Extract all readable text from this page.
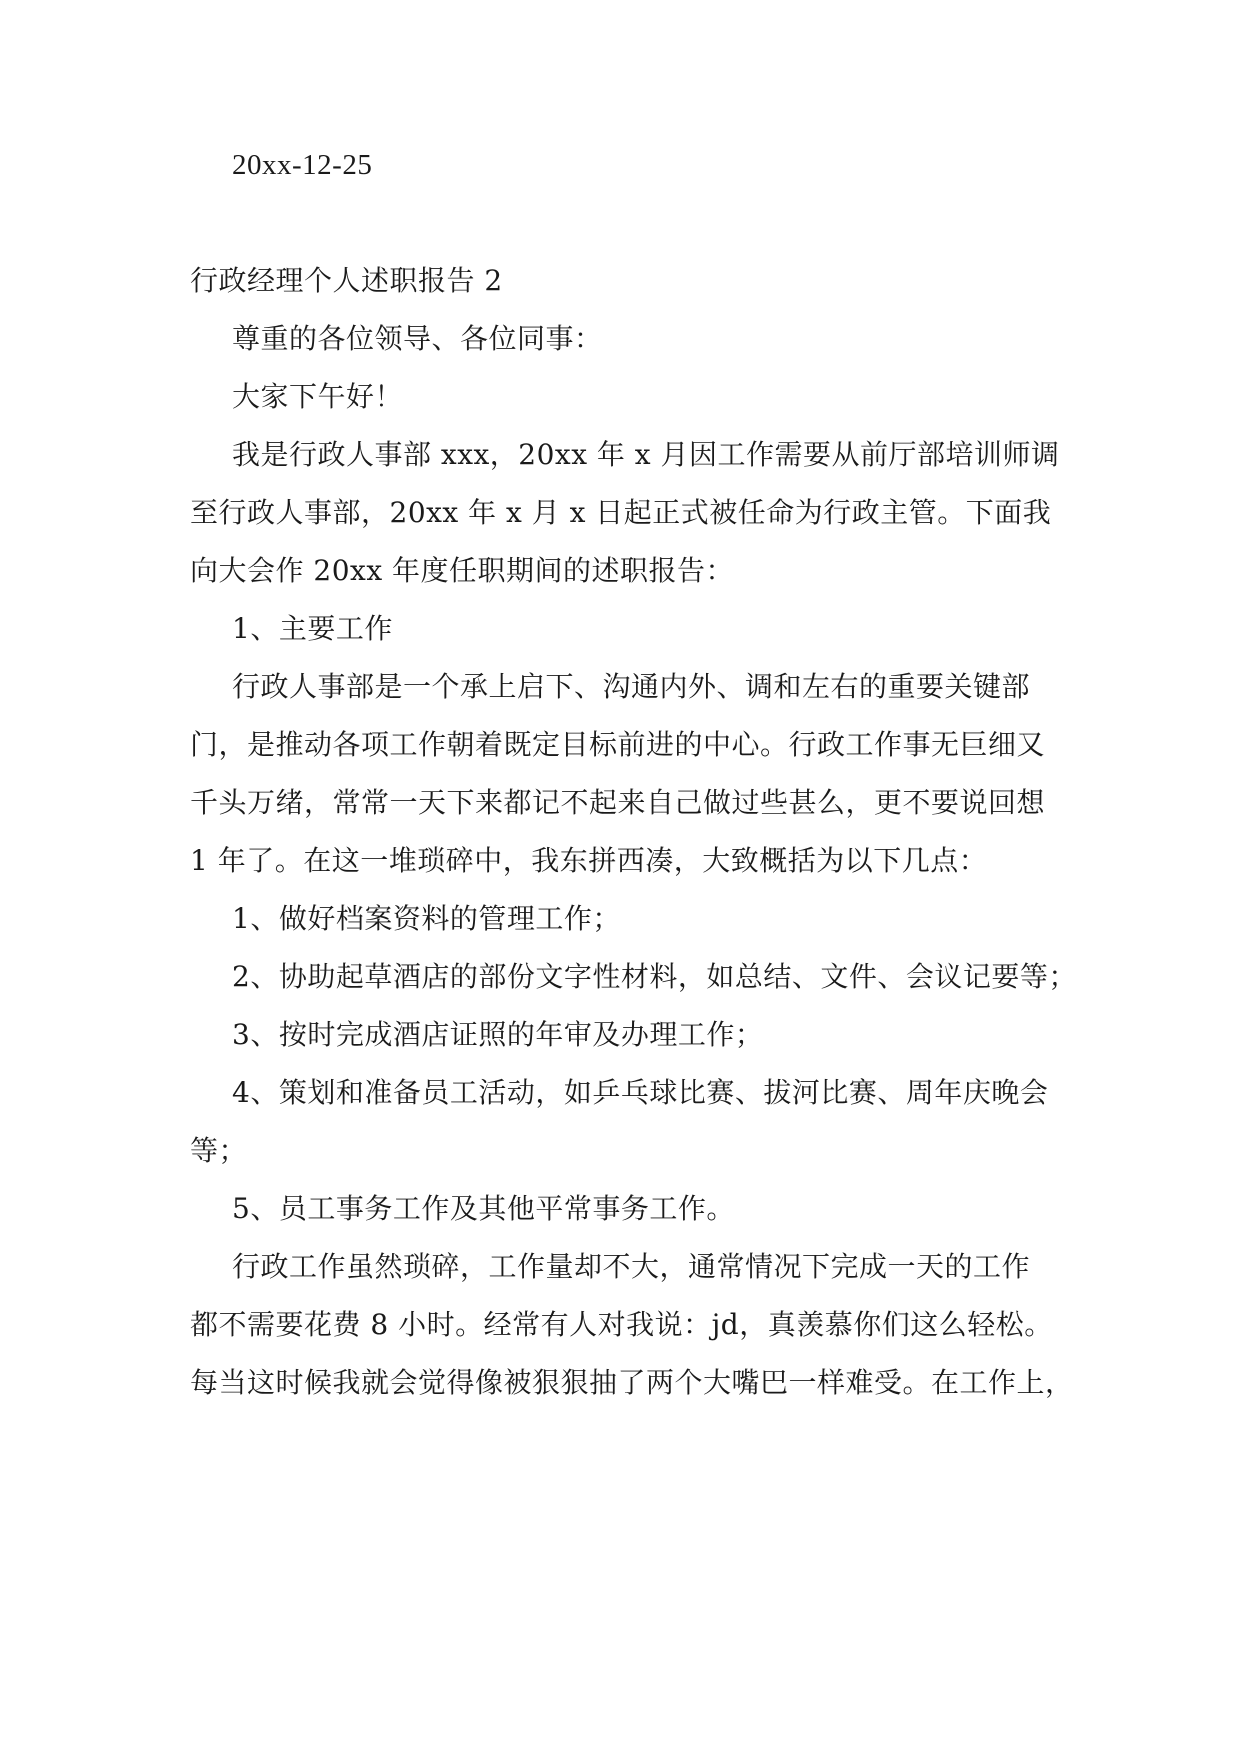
20xx-12-25
行政经理个人述职报告 2
尊重的各位领导、各位同事：
大家下午好！
我是行政人事部 xxx，20xx 年 x 月因工作需要从前厅部培训师调
至行政人事部，20xx 年 x 月 x 日起正式被任命为行政主管。下面我
向大会作 20xx 年度任职期间的述职报告：
1、主要工作
行政人事部是一个承上启下、沟通内外、调和左右的重要关键部
门，是推动各项工作朝着既定目标前进的中心。行政工作事无巨细又
千头万绪，常常一天下来都记不起来自己做过些甚么，更不要说回想
1 年了。在这一堆琐碎中，我东拼西凑，大致概括为以下几点：
1、做好档案资料的管理工作；
2、协助起草酒店的部份文字性材料，如总结、文件、会议记要等；
3、按时完成酒店证照的年审及办理工作；
4、策划和准备员工活动，如乒乓球比赛、拔河比赛、周年庆晚会
等；
5、员工事务工作及其他平常事务工作。
行政工作虽然琐碎，工作量却不大，通常情况下完成一天的工作
都不需要花费 8 小时。经常有人对我说：jd，真羡慕你们这么轻松。
每当这时候我就会觉得像被狠狠抽了两个大嘴巴一样难受。在工作上，
